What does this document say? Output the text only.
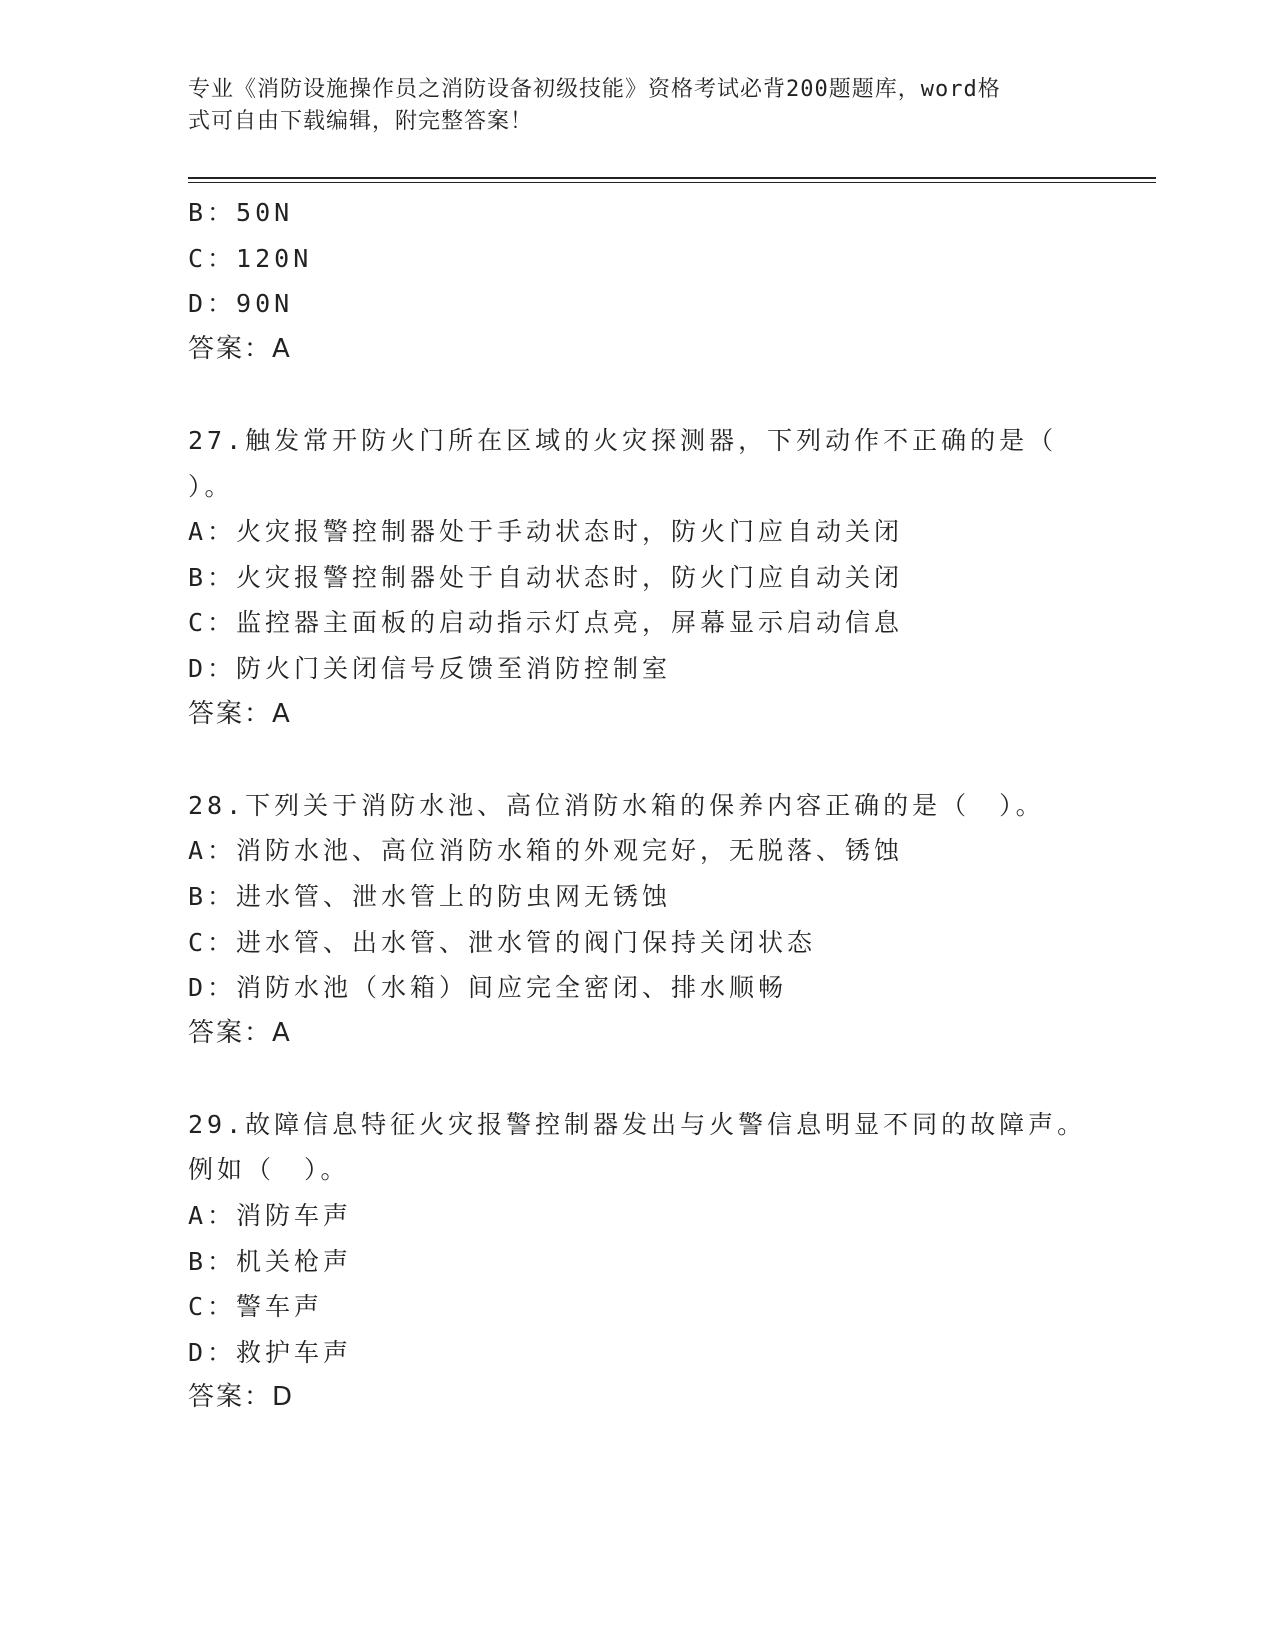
专业《消防设施操作员之消防设备初级技能》资格考试必背200题题库，word格
式可自由下载编辑，附完整答案！
B：50N
C：120N
D：90N
答案：A
27.触发常开防火门所在区域的火灾探测器，下列动作不正确的是（
）。
A：火灾报警控制器处于手动状态时，防火门应自动关闭
B：火灾报警控制器处于自动状态时，防火门应自动关闭
C：监控器主面板的启动指示灯点亮，屏幕显示启动信息
D：防火门关闭信号反馈至消防控制室
答案：A
28.下列关于消防水池、高位消防水箱的保养内容正确的是（　）。
A：消防水池、高位消防水箱的外观完好，无脱落、锈蚀
B：进水管、泄水管上的防虫网无锈蚀
C：进水管、出水管、泄水管的阀门保持关闭状态
D：消防水池（水箱）间应完全密闭、排水顺畅
答案：A
29.故障信息特征火灾报警控制器发出与火警信息明显不同的故障声。
例如（　）。
A：消防车声
B：机关枪声
C：警车声
D：救护车声
答案：D
